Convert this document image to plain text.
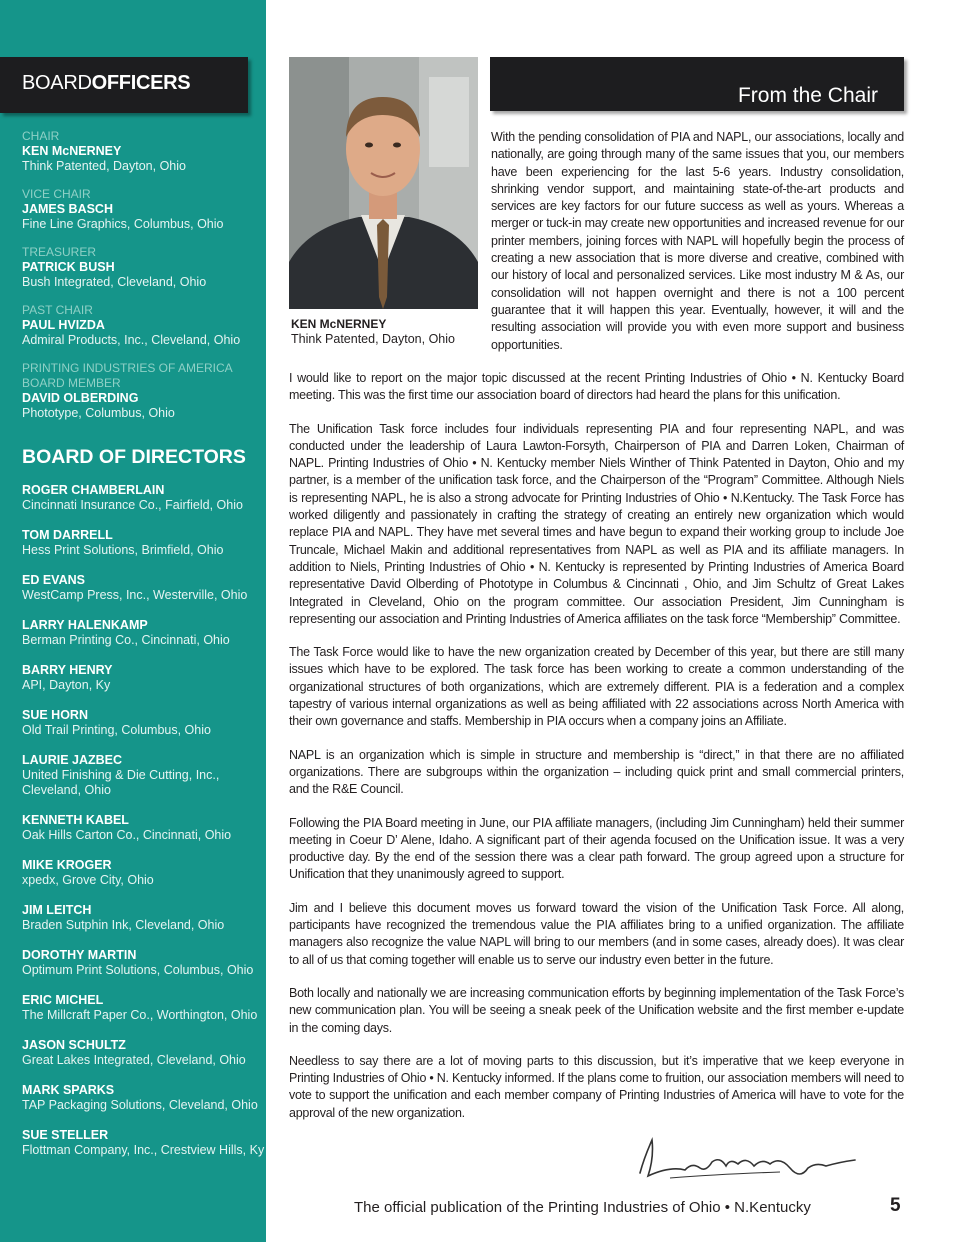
BOARDOFFICERS
CHAIR
KEN McNERNEY
Think Patented, Dayton, Ohio
VICE CHAIR
JAMES BASCH
Fine Line Graphics, Columbus, Ohio
TREASURER
PATRICK BUSH
Bush Integrated, Cleveland, Ohio
PAST CHAIR
PAUL HVIZDA
Admiral Products, Inc., Cleveland, Ohio
PRINTING INDUSTRIES OF AMERICA BOARD MEMBER
DAVID OLBERDING
Phototype, Columbus, Ohio
BOARD OF DIRECTORS
ROGER CHAMBERLAIN
Cincinnati Insurance Co., Fairfield, Ohio
TOM DARRELL
Hess Print Solutions, Brimfield, Ohio
ED EVANS
WestCamp Press, Inc., Westerville, Ohio
LARRY HALENKAMP
Berman Printing Co., Cincinnati, Ohio
BARRY HENRY
API, Dayton, Ky
SUE HORN
Old Trail Printing, Columbus, Ohio
LAURIE JAZBEC
United Finishing & Die Cutting, Inc., Cleveland, Ohio
KENNETH KABEL
Oak Hills Carton Co., Cincinnati, Ohio
MIKE KROGER
xpedx, Grove City, Ohio
JIM LEITCH
Braden Sutphin Ink, Cleveland, Ohio
DOROTHY MARTIN
Optimum Print Solutions, Columbus, Ohio
ERIC MICHEL
The Millcraft Paper Co., Worthington, Ohio
JASON SCHULTZ
Great Lakes Integrated, Cleveland, Ohio
MARK SPARKS
TAP Packaging Solutions, Cleveland, Ohio
SUE STELLER
Flottman Company, Inc., Crestview Hills, Ky
KEN McNERNEY
Think Patented, Dayton, Ohio
From the Chair
With the pending consolidation of PIA and NAPL, our associations, locally and nationally, are going through many of the same issues that you, our members have been experiencing for the last 5-6 years. Industry consolidation, shrinking vendor support, and maintaining state-of-the-art products and services are key factors for our future success as well as yours. Whereas a merger or tuck-in may create new opportunities and increased revenue for our printer members, joining forces with NAPL will hopefully begin the process of creating a new association that is more diverse and creative, combined with our history of local and personalized services. Like most industry M & As, our consolidation will not happen overnight and there is not a 100 percent guarantee that it will happen this year. Eventually, however, it will and the resulting association will provide you with even more support and business opportunities.

I would like to report on the major topic discussed at the recent Printing Industries of Ohio • N. Kentucky Board meeting. This was the first time our association board of directors had heard the plans for this unification.

The Unification Task force includes four individuals representing PIA and four representing NAPL, and was conducted under the leadership of Laura Lawton-Forsyth, Chairperson of PIA and Darren Loken, Chairman of NAPL. Printing Industries of Ohio • N. Kentucky member Niels Winther of Think Patented in Dayton, Ohio and my partner, is a member of the unification task force, and the Chairperson of the “Program” Committee. Although Niels is representing NAPL, he is also a strong advocate for Printing Industries of Ohio • N.Kentucky. The Task Force has worked diligently and passionately in crafting the strategy of creating an entirely new organization which would replace PIA and NAPL. They have met several times and have begun to expand their working group to include Joe Truncale, Michael Makin and additional representatives from NAPL as well as PIA and its affiliate managers. In addition to Niels, Printing Industries of Ohio • N. Kentucky is represented by Printing Industries of America Board representative David Olberding of Phototype in Columbus & Cincinnati , Ohio, and Jim Schultz of Great Lakes Integrated in Cleveland, Ohio on the program committee. Our association President, Jim Cunningham is representing our association and Printing Industries of America affiliates on the task force “Membership” Committee.

The Task Force would like to have the new organization created by December of this year, but there are still many issues which have to be explored. The task force has been working to create a common understanding of the organizational structures of both organizations, which are extremely different. PIA is a federation and a complex tapestry of various internal organizations as well as being affiliated with 22 associations across North America with their own governance and staffs. Membership in PIA occurs when a company joins an Affiliate.

NAPL is an organization which is simple in structure and membership is “direct,” in that there are no affiliated organizations. There are subgroups within the organization – including quick print and small commercial printers, and the R&E Council.

Following the PIA Board meeting in June, our PIA affiliate managers, (including Jim Cunningham) held their summer meeting in Coeur D’ Alene, Idaho. A significant part of their agenda focused on the Unification issue. It was a very productive day. By the end of the session there was a clear path forward. The group agreed upon a structure for Unification that they unanimously agreed to support.

Jim and I believe this document moves us forward toward the vision of the Unification Task Force. All along, participants have recognized the tremendous value the PIA affiliates bring to a unified organization. The affiliate managers also recognize the value NAPL will bring to our members (and in some cases, already does). It was clear to all of us that coming together will enable us to serve our industry even better in the future.

Both locally and nationally we are increasing communication efforts by beginning implementation of the Task Force’s new communication plan. You will be seeing a sneak peek of the Unification website and the first member e-update in the coming days.

Needless to say there are a lot of moving parts to this discussion, but it’s imperative that we keep everyone in Printing Industries of Ohio • N. Kentucky informed. If the plans come to fruition, our association members will need to vote to support the unification and each member company of Printing Industries of America will have to vote for the approval of the new organization.

The official publication of the Printing Industries of Ohio • N.Kentucky	5
